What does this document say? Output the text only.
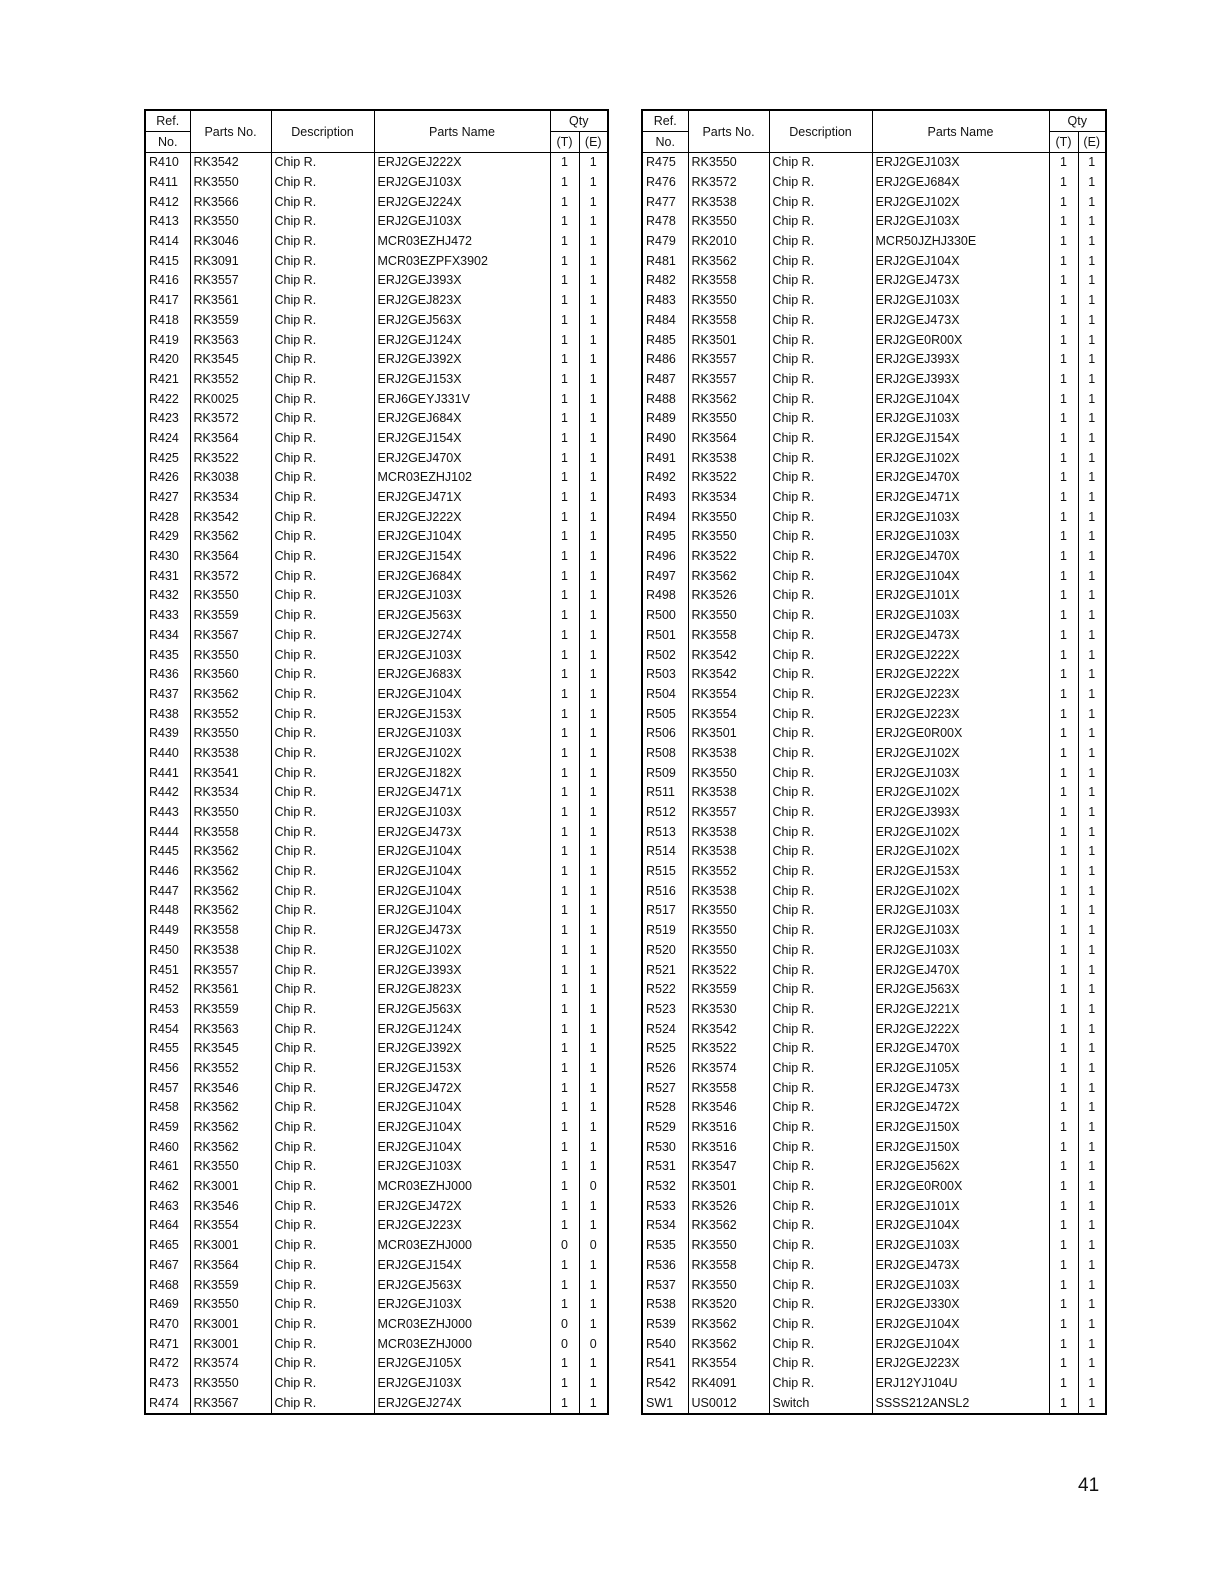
Ref.	Parts No.	Description	Parts Name	Qty	
No.				(T)	(E)
R410	RK3542	Chip R.	ERJ2GEJ222X	1	1
R411	RK3550	Chip R.	ERJ2GEJ103X	1	1
R412	RK3566	Chip R.	ERJ2GEJ224X	1	1
R413	RK3550	Chip R.	ERJ2GEJ103X	1	1
R414	RK3046	Chip R.	MCR03EZHJ472	1	1
R415	RK3091	Chip R.	MCR03EZPFX3902	1	1
R416	RK3557	Chip R.	ERJ2GEJ393X	1	1
R417	RK3561	Chip R.	ERJ2GEJ823X	1	1
R418	RK3559	Chip R.	ERJ2GEJ563X	1	1
R419	RK3563	Chip R.	ERJ2GEJ124X	1	1
R420	RK3545	Chip R.	ERJ2GEJ392X	1	1
R421	RK3552	Chip R.	ERJ2GEJ153X	1	1
R422	RK0025	Chip R.	ERJ6GEYJ331V	1	1
R423	RK3572	Chip R.	ERJ2GEJ684X	1	1
R424	RK3564	Chip R.	ERJ2GEJ154X	1	1
R425	RK3522	Chip R.	ERJ2GEJ470X	1	1
R426	RK3038	Chip R.	MCR03EZHJ102	1	1
R427	RK3534	Chip R.	ERJ2GEJ471X	1	1
R428	RK3542	Chip R.	ERJ2GEJ222X	1	1
R429	RK3562	Chip R.	ERJ2GEJ104X	1	1
R430	RK3564	Chip R.	ERJ2GEJ154X	1	1
R431	RK3572	Chip R.	ERJ2GEJ684X	1	1
R432	RK3550	Chip R.	ERJ2GEJ103X	1	1
R433	RK3559	Chip R.	ERJ2GEJ563X	1	1
R434	RK3567	Chip R.	ERJ2GEJ274X	1	1
R435	RK3550	Chip R.	ERJ2GEJ103X	1	1
R436	RK3560	Chip R.	ERJ2GEJ683X	1	1
R437	RK3562	Chip R.	ERJ2GEJ104X	1	1
R438	RK3552	Chip R.	ERJ2GEJ153X	1	1
R439	RK3550	Chip R.	ERJ2GEJ103X	1	1
R440	RK3538	Chip R.	ERJ2GEJ102X	1	1
R441	RK3541	Chip R.	ERJ2GEJ182X	1	1
R442	RK3534	Chip R.	ERJ2GEJ471X	1	1
R443	RK3550	Chip R.	ERJ2GEJ103X	1	1
R444	RK3558	Chip R.	ERJ2GEJ473X	1	1
R445	RK3562	Chip R.	ERJ2GEJ104X	1	1
R446	RK3562	Chip R.	ERJ2GEJ104X	1	1
R447	RK3562	Chip R.	ERJ2GEJ104X	1	1
R448	RK3562	Chip R.	ERJ2GEJ104X	1	1
R449	RK3558	Chip R.	ERJ2GEJ473X	1	1
R450	RK3538	Chip R.	ERJ2GEJ102X	1	1
R451	RK3557	Chip R.	ERJ2GEJ393X	1	1
R452	RK3561	Chip R.	ERJ2GEJ823X	1	1
R453	RK3559	Chip R.	ERJ2GEJ563X	1	1
R454	RK3563	Chip R.	ERJ2GEJ124X	1	1
R455	RK3545	Chip R.	ERJ2GEJ392X	1	1
R456	RK3552	Chip R.	ERJ2GEJ153X	1	1
R457	RK3546	Chip R.	ERJ2GEJ472X	1	1
R458	RK3562	Chip R.	ERJ2GEJ104X	1	1
R459	RK3562	Chip R.	ERJ2GEJ104X	1	1
R460	RK3562	Chip R.	ERJ2GEJ104X	1	1
R461	RK3550	Chip R.	ERJ2GEJ103X	1	1
R462	RK3001	Chip R.	MCR03EZHJ000	1	0
R463	RK3546	Chip R.	ERJ2GEJ472X	1	1
R464	RK3554	Chip R.	ERJ2GEJ223X	1	1
R465	RK3001	Chip R.	MCR03EZHJ000	0	0
R467	RK3564	Chip R.	ERJ2GEJ154X	1	1
R468	RK3559	Chip R.	ERJ2GEJ563X	1	1
R469	RK3550	Chip R.	ERJ2GEJ103X	1	1
R470	RK3001	Chip R.	MCR03EZHJ000	0	1
R471	RK3001	Chip R.	MCR03EZHJ000	0	0
R472	RK3574	Chip R.	ERJ2GEJ105X	1	1
R473	RK3550	Chip R.	ERJ2GEJ103X	1	1
R474	RK3567	Chip R.	ERJ2GEJ274X	1	1
Ref.	Parts No.	Description	Parts Name	Qty	
No.				(T)	(E)
R475	RK3550	Chip R.	ERJ2GEJ103X	1	1
R476	RK3572	Chip R.	ERJ2GEJ684X	1	1
R477	RK3538	Chip R.	ERJ2GEJ102X	1	1
R478	RK3550	Chip R.	ERJ2GEJ103X	1	1
R479	RK2010	Chip R.	MCR50JZHJ330E	1	1
R481	RK3562	Chip R.	ERJ2GEJ104X	1	1
R482	RK3558	Chip R.	ERJ2GEJ473X	1	1
R483	RK3550	Chip R.	ERJ2GEJ103X	1	1
R484	RK3558	Chip R.	ERJ2GEJ473X	1	1
R485	RK3501	Chip R.	ERJ2GE0R00X	1	1
R486	RK3557	Chip R.	ERJ2GEJ393X	1	1
R487	RK3557	Chip R.	ERJ2GEJ393X	1	1
R488	RK3562	Chip R.	ERJ2GEJ104X	1	1
R489	RK3550	Chip R.	ERJ2GEJ103X	1	1
R490	RK3564	Chip R.	ERJ2GEJ154X	1	1
R491	RK3538	Chip R.	ERJ2GEJ102X	1	1
R492	RK3522	Chip R.	ERJ2GEJ470X	1	1
R493	RK3534	Chip R.	ERJ2GEJ471X	1	1
R494	RK3550	Chip R.	ERJ2GEJ103X	1	1
R495	RK3550	Chip R.	ERJ2GEJ103X	1	1
R496	RK3522	Chip R.	ERJ2GEJ470X	1	1
R497	RK3562	Chip R.	ERJ2GEJ104X	1	1
R498	RK3526	Chip R.	ERJ2GEJ101X	1	1
R500	RK3550	Chip R.	ERJ2GEJ103X	1	1
R501	RK3558	Chip R.	ERJ2GEJ473X	1	1
R502	RK3542	Chip R.	ERJ2GEJ222X	1	1
R503	RK3542	Chip R.	ERJ2GEJ222X	1	1
R504	RK3554	Chip R.	ERJ2GEJ223X	1	1
R505	RK3554	Chip R.	ERJ2GEJ223X	1	1
R506	RK3501	Chip R.	ERJ2GE0R00X	1	1
R508	RK3538	Chip R.	ERJ2GEJ102X	1	1
R509	RK3550	Chip R.	ERJ2GEJ103X	1	1
R511	RK3538	Chip R.	ERJ2GEJ102X	1	1
R512	RK3557	Chip R.	ERJ2GEJ393X	1	1
R513	RK3538	Chip R.	ERJ2GEJ102X	1	1
R514	RK3538	Chip R.	ERJ2GEJ102X	1	1
R515	RK3552	Chip R.	ERJ2GEJ153X	1	1
R516	RK3538	Chip R.	ERJ2GEJ102X	1	1
R517	RK3550	Chip R.	ERJ2GEJ103X	1	1
R519	RK3550	Chip R.	ERJ2GEJ103X	1	1
R520	RK3550	Chip R.	ERJ2GEJ103X	1	1
R521	RK3522	Chip R.	ERJ2GEJ470X	1	1
R522	RK3559	Chip R.	ERJ2GEJ563X	1	1
R523	RK3530	Chip R.	ERJ2GEJ221X	1	1
R524	RK3542	Chip R.	ERJ2GEJ222X	1	1
R525	RK3522	Chip R.	ERJ2GEJ470X	1	1
R526	RK3574	Chip R.	ERJ2GEJ105X	1	1
R527	RK3558	Chip R.	ERJ2GEJ473X	1	1
R528	RK3546	Chip R.	ERJ2GEJ472X	1	1
R529	RK3516	Chip R.	ERJ2GEJ150X	1	1
R530	RK3516	Chip R.	ERJ2GEJ150X	1	1
R531	RK3547	Chip R.	ERJ2GEJ562X	1	1
R532	RK3501	Chip R.	ERJ2GE0R00X	1	1
R533	RK3526	Chip R.	ERJ2GEJ101X	1	1
R534	RK3562	Chip R.	ERJ2GEJ104X	1	1
R535	RK3550	Chip R.	ERJ2GEJ103X	1	1
R536	RK3558	Chip R.	ERJ2GEJ473X	1	1
R537	RK3550	Chip R.	ERJ2GEJ103X	1	1
R538	RK3520	Chip R.	ERJ2GEJ330X	1	1
R539	RK3562	Chip R.	ERJ2GEJ104X	1	1
R540	RK3562	Chip R.	ERJ2GEJ104X	1	1
R541	RK3554	Chip R.	ERJ2GEJ223X	1	1
R542	RK4091	Chip R.	ERJ12YJ104U	1	1
SW1	US0012	Switch	SSSS212ANSL2	1	1
41
